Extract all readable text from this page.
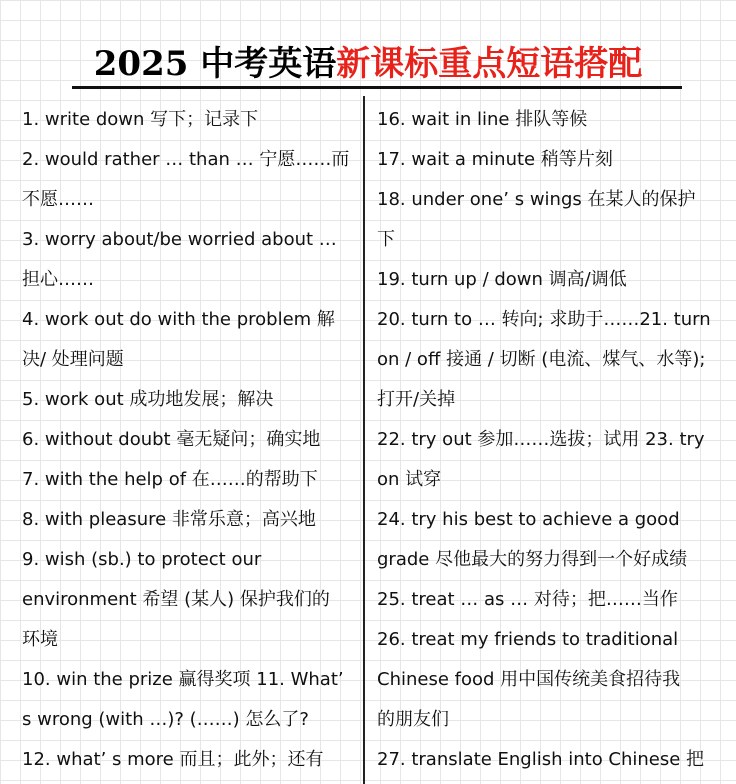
2025 中考英语新课标重点短语搭配
1. write down 写下；记录下
2. would rather … than … 宁愿……而
不愿……
3. worry about/be worried about …
担心……
4. work out do with the problem 解
决/ 处理问题
5. work out 成功地发展；解决
6. without doubt 毫无疑问；确实地
7. with the help of 在……的帮助下
8. with pleasure 非常乐意；高兴地
9. wish (sb.) to protect our
environment 希望 (某人) 保护我们的
环境
10. win the prize 赢得奖项 11. What’
s wrong (with …)? (……) 怎么了?
12. what’ s more 而且；此外；还有
16. wait in line 排队等候
17. wait a minute 稍等片刻
18. under one’ s wings 在某人的保护
下
19. turn up / down 调高/调低
20. turn to … 转向; 求助于……21. turn
on / off 接通 / 切断 (电流、煤气、水等);
打开/关掉
22. try out 参加……选拔；试用 23. try
on 试穿
24. try his best to achieve a good
grade 尽他最大的努力得到一个好成绩
25. treat … as … 对待；把……当作
26. treat my friends to traditional
Chinese food 用中国传统美食招待我
的朋友们
27. translate English into Chinese 把
